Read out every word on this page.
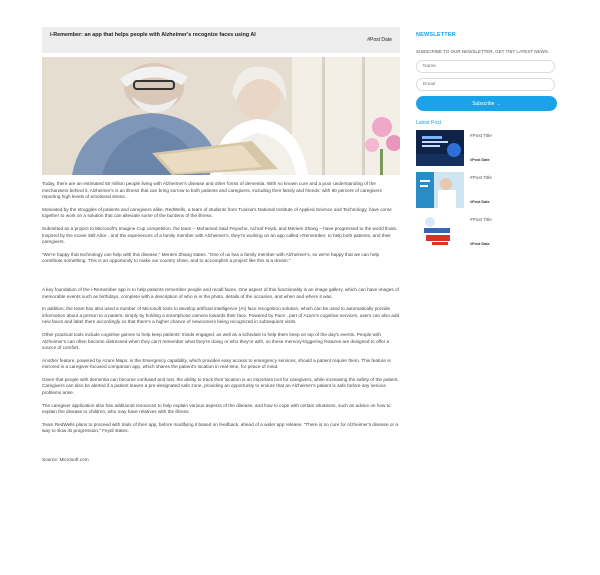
i-Remember: an app that helps people with Alzheimer's recognize faces using AI
#Post Date

Today, there are an estimated 50 million people living with Alzheimer's disease and other forms of dementia. With no known cure and a poor understanding of the mechanisms behind it, Alzheimer's is an illness that can bring sorrow to both patients and caregivers, including their family and friends; with 60 percent of caregivers reporting high levels of emotional stress.

Motivated by the struggles of patients and caregivers alike, RedWells, a team of students from Tunisia's National Institute of Applied Science and Technology, have come together to work on a solution that can alleviate some of the burdens of the illness.

Submitted as a project to Microsoft's Imagine Cup competition, the team – Mohamed Said Feyache, Achraf Feydi, and Meriem Zhang – have progressed to the world finals. Inspired by the movie Still Alice , and the experiences of a family member with Alzheimer's, they're working on an app called i-Remember, to help both patients, and their caregivers.

“We're happy that technology can help with this disease,” Meriem Zhang states. “One of us has a family member with Alzheimer's, so we're happy that we can help contribute something. This is an opportunity to make our country shine, and to accomplish a project like this is a dream.”

A key foundation of the i-Remember app is to help patients remember people and recall faces. One aspect of this functionality is an image gallery, which can have images of memorable events such as birthdays, complete with a description of who is in the photo, details of the occasion, and when and where it was.

In addition, the team has also used a number of Microsoft tools to develop artificial intelligence (AI) face recognition solution, which can be used to automatically provide information about a person to a patient, simply by holding a smartphone camera towards their face. Powered by Face , part of Azure's cognitive services, users can also add new faces and label them accordingly so that there's a higher chance of newcomers being recognized in subsequent visits.

Other practical tools include cognitive games to help keep patients' minds engaged, as well as a schedule to help them keep on top of the day's events. People with Alzheimer's can often become distressed when they can't remember what they're doing or who they're with, so these memory-triggering features are designed to offer a source of comfort.

Another feature, powered by Azure Maps, is the Emergency capability, which provides easy access to emergency services, should a patient require them. This feature is mirrored is a caregiver-focused companion app, which shares the patient's location in real-time, for peace of mind.

Given that people with dementia can become confused and lost, the ability to track their location is an important tool for caregivers, while increasing the safety of the patient. Caregivers can also be alerted if a patient leaves a pre-designated safe zone, providing an opportunity to ensure that an Alzheimer's patient is safe before any serious problems arise.

The caregiver application also has additional resources to help explain various aspects of the disease, and how to cope with certain situations, such as advice on how to explain the disease to children, who may have relatives with the illness.

Team RedWells plans to proceed with trials of their app, before modifying it based on feedback, ahead of a wider app release. “There is no cure for Alzheimer's disease or a way to slow its progression,” Feydi states.

Source: Microsoft.com

NEWSLETTER
SUBSCRIBE TO OUR NEWSLETTER, GET IT&T LATEST NEWS.
Name
Email
Subscribe →
Latest Post
#Post Title
#Post Date
#Post Title
#Post Date
#Post Title
#Post Date
